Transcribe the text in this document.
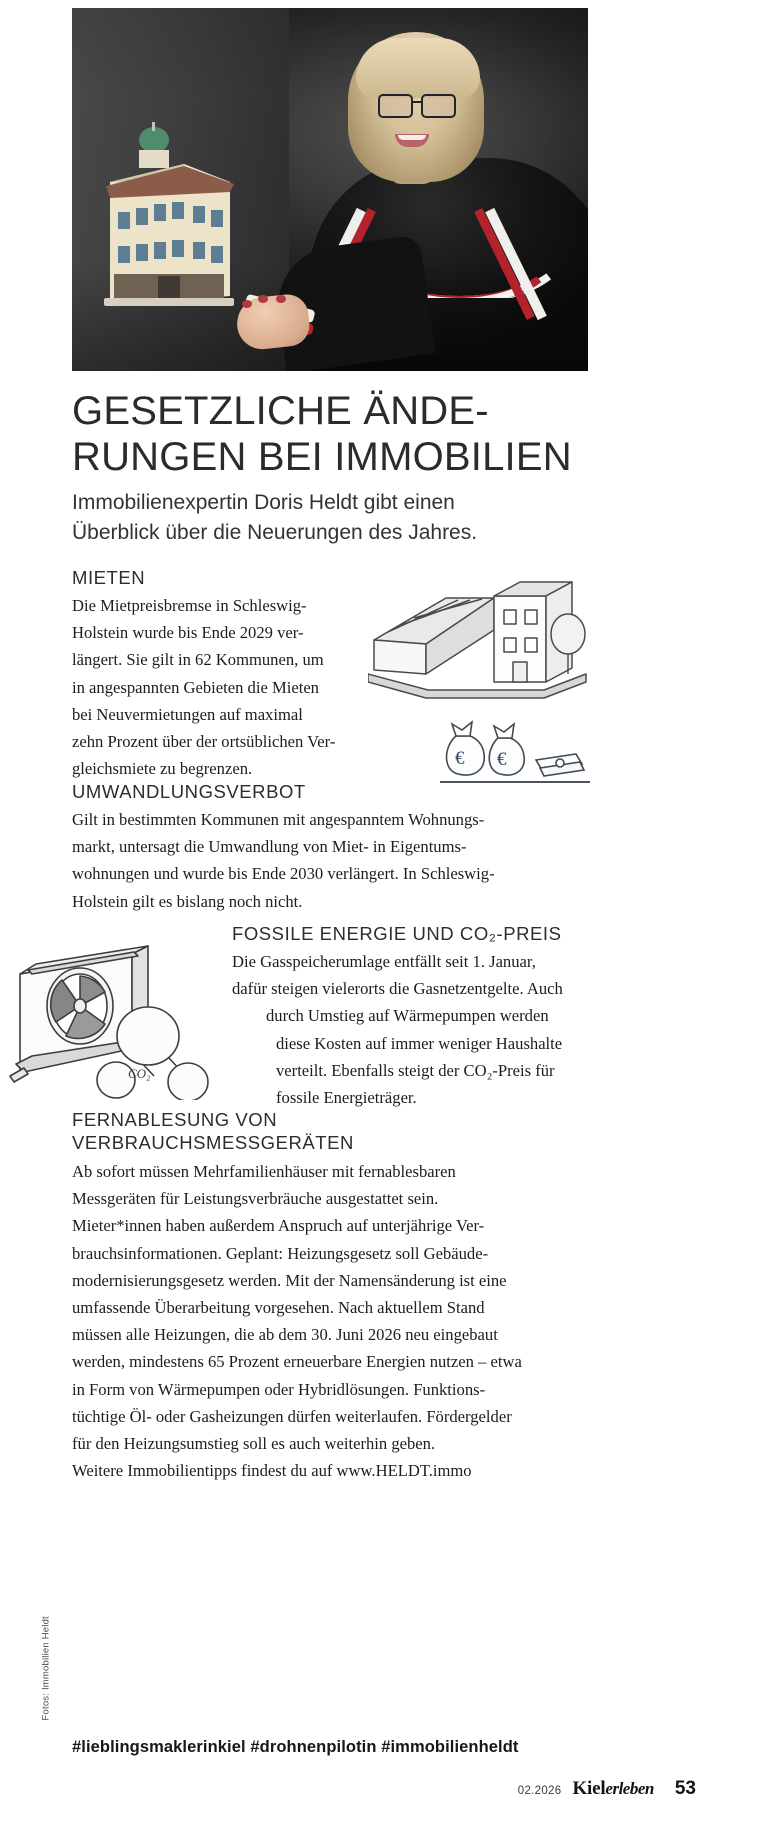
GESETZLICHE ÄNDE-
RUNGEN BEI IMMOBILIEN
Immobilienexpertin Doris Heldt gibt einen
Überblick über die Neuerungen des Jahres.
€ €
MIETEN
Die Mietpreisbremse in Schleswig-
Holstein wurde bis Ende 2029 ver-
längert. Sie gilt in 62 Kommunen, um
in angespannten Gebieten die Mieten
bei Neuvermietungen auf maximal
zehn Prozent über der ortsüblichen Ver-
gleichsmiete zu begrenzen.
UMWANDLUNGSVERBOT
Gilt in bestimmten Kommunen mit angespanntem Wohnungs-
markt, untersagt die Umwandlung von Miet- in Eigentums-
wohnungen und wurde bis Ende 2030 verlängert. In Schleswig-
Holstein gilt es bislang noch nicht.
CO₂
FOSSILE ENERGIE UND CO₂-PREIS
Die Gasspeicherumlage entfällt seit 1. Januar,
dafür steigen vielerorts die Gasnetzentgelte. Auch
durch Umstieg auf Wärmepumpen werden
diese Kosten auf immer weniger Haushalte
verteilt. Ebenfalls steigt der CO₂-Preis für
fossile Energieträger.
FERNABLESUNG VON
VERBRAUCHSMESSGERÄTEN
Ab sofort müssen Mehrfamilienhäuser mit fernablesbaren
Messgeräten für Leistungsverbräuche ausgestattet sein.
Mieter*innen haben außerdem Anspruch auf unterjährige Ver-
brauchsinformationen. Geplant: Heizungsgesetz soll Gebäude-
modernisierungsgesetz werden. Mit der Namensänderung ist eine
umfassende Überarbeitung vorgesehen. Nach aktuellem Stand
müssen alle Heizungen, die ab dem 30. Juni 2026 neu eingebaut
werden, mindestens 65 Prozent erneuerbare Energien nutzen – etwa
in Form von Wärmepumpen oder Hybridlösungen. Funktions-
tüchtige Öl- oder Gasheizungen dürfen weiterlaufen. Fördergelder
für den Heizungsumstieg soll es auch weiterhin geben.
Weitere Immobilientipps findest du auf www.HELDT.immo
#lieblingsmaklerinkiel #drohnenpilotin #immobilienheldt
Fotos: Immobilien Heldt
02.2026 Kielerleben 53
